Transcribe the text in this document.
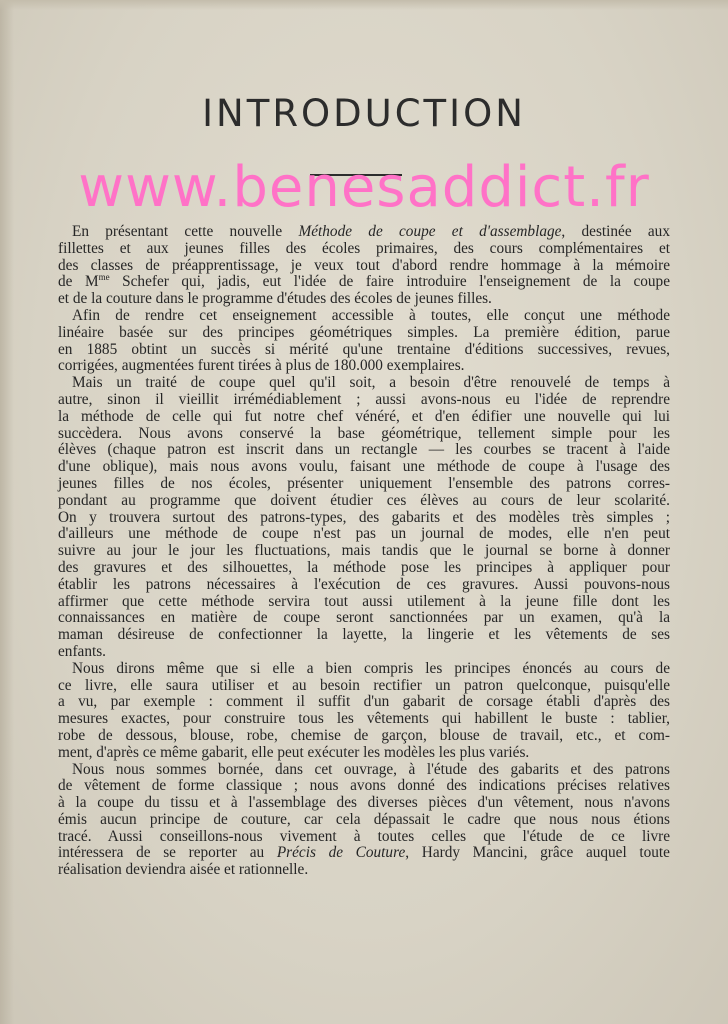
INTRODUCTION
www.benesaddict.fr

En présentant cette nouvelle Méthode de coupe et d'assemblage, destinée aux
fillettes et aux jeunes filles des écoles primaires, des cours complémentaires et
des classes de préapprentissage, je veux tout d'abord rendre hommage à la mémoire
de $M^{me}$ Schefer qui, jadis, eut l'idée de faire introduire l'enseignement de la coupe
et de la couture dans le programme d'études des écoles de jeunes filles.

Afin de rendre cet enseignement accessible à toutes, elle conçut une méthode
linéaire basée sur des principes géométriques simples. La première édition, parue
en 1885 obtint un succès si mérité qu'une trentaine d'éditions successives, revues,
corrigées, augmentées furent tirées à plus de 180.000 exemplaires.

Mais un traité de coupe quel qu'il soit, a besoin d'être renouvelé de temps à
autre, sinon il vieillit irrémédiablement ; aussi avons-nous eu l'idée de reprendre
la méthode de celle qui fut notre chef vénéré, et d'en édifier une nouvelle qui lui
succèdera. Nous avons conservé la base géométrique, tellement simple pour les
élèves (chaque patron est inscrit dans un rectangle — les courbes se tracent à l'aide
d'une oblique), mais nous avons voulu, faisant une méthode de coupe à l'usage des
jeunes filles de nos écoles, présenter uniquement l'ensemble des patrons corres-
pondant au programme que doivent étudier ces élèves au cours de leur scolarité.
On y trouvera surtout des patrons-types, des gabarits et des modèles très simples ;
d'ailleurs une méthode de coupe n'est pas un journal de modes, elle n'en peut
suivre au jour le jour les fluctuations, mais tandis que le journal se borne à donner
des gravures et des silhouettes, la méthode pose les principes à appliquer pour
établir les patrons nécessaires à l'exécution de ces gravures. Aussi pouvons-nous
affirmer que cette méthode servira tout aussi utilement à la jeune fille dont les
connaissances en matière de coupe seront sanctionnées par un examen, qu'à la
maman désireuse de confectionner la layette, la lingerie et les vêtements de ses
enfants.

Nous dirons même que si elle a bien compris les principes énoncés au cours de
ce livre, elle saura utiliser et au besoin rectifier un patron quelconque, puisqu'elle
a vu, par exemple : comment il suffit d'un gabarit de corsage établi d'après des
mesures exactes, pour construire tous les vêtements qui habillent le buste : tablier,
robe de dessous, blouse, robe, chemise de garçon, blouse de travail, etc., et com-
ment, d'après ce même gabarit, elle peut exécuter les modèles les plus variés.

Nous nous sommes bornée, dans cet ouvrage, à l'étude des gabarits et des patrons
de vêtement de forme classique ; nous avons donné des indications précises relatives
à la coupe du tissu et à l'assemblage des diverses pièces d'un vêtement, nous n'avons
émis aucun principe de couture, car cela dépassait le cadre que nous nous étions
tracé. Aussi conseillons-nous vivement à toutes celles que l'étude de ce livre
intéressera de se reporter au Précis de Couture, Hardy Mancini, grâce auquel toute
réalisation deviendra aisée et rationnelle.
